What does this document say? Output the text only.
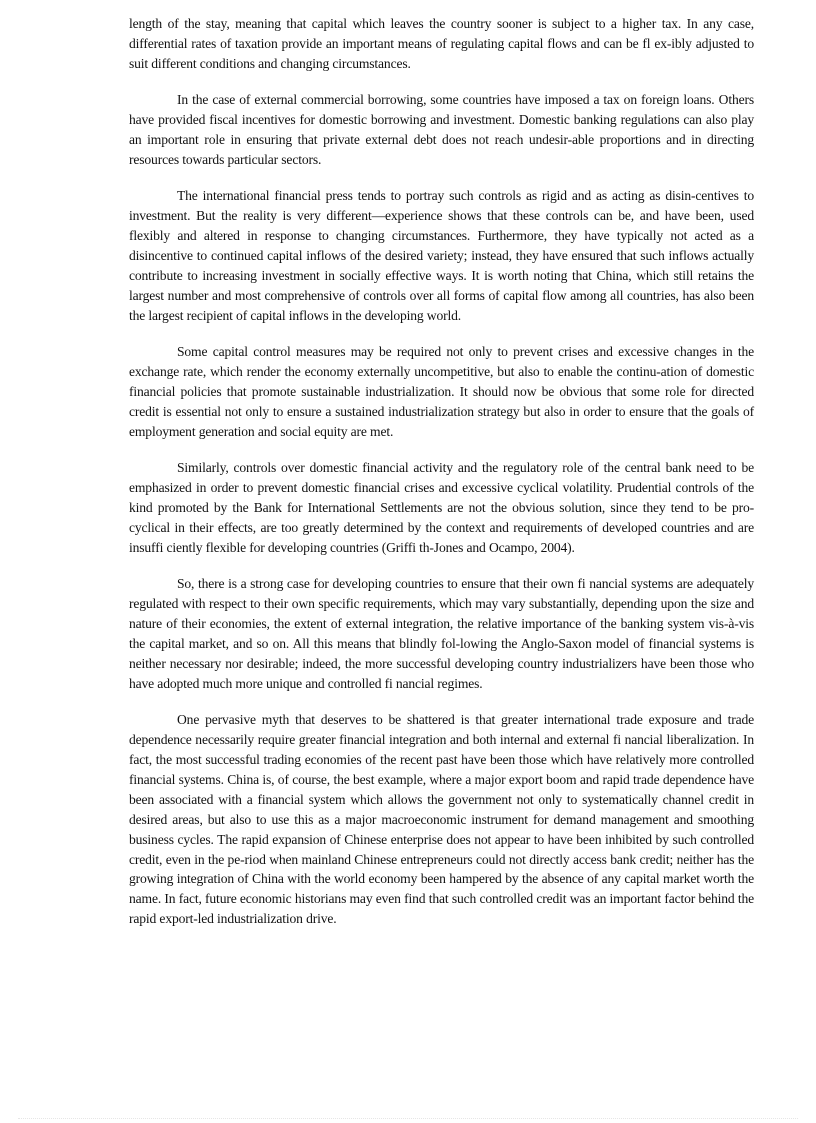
length of the stay, meaning that capital which leaves the country sooner is subject to a higher tax. In any case, differential rates of taxation provide an important means of regulating capital flows and can be fl ex-ibly adjusted to suit different conditions and changing circumstances.

In the case of external commercial borrowing, some countries have imposed a tax on foreign loans. Others have provided fiscal incentives for domestic borrowing and investment. Domestic banking regulations can also play an important role in ensuring that private external debt does not reach undesir-able proportions and in directing resources towards particular sectors.

The international financial press tends to portray such controls as rigid and as acting as disin-centives to investment. But the reality is very different—experience shows that these controls can be, and have been, used flexibly and altered in response to changing circumstances. Furthermore, they have typically not acted as a disincentive to continued capital inflows of the desired variety; instead, they have ensured that such inflows actually contribute to increasing investment in socially effective ways. It is worth noting that China, which still retains the largest number and most comprehensive of controls over all forms of capital flow among all countries, has also been the largest recipient of capital inflows in the developing world.

Some capital control measures may be required not only to prevent crises and excessive changes in the exchange rate, which render the economy externally uncompetitive, but also to enable the continu-ation of domestic financial policies that promote sustainable industrialization. It should now be obvious that some role for directed credit is essential not only to ensure a sustained industrialization strategy but also in order to ensure that the goals of employment generation and social equity are met.

Similarly, controls over domestic financial activity and the regulatory role of the central bank need to be emphasized in order to prevent domestic financial crises and excessive cyclical volatility. Prudential controls of the kind promoted by the Bank for International Settlements are not the obvious solution, since they tend to be pro-cyclical in their effects, are too greatly determined by the context and requirements of developed countries and are insuffi ciently flexible for developing countries (Griffi th-Jones and Ocampo, 2004).

So, there is a strong case for developing countries to ensure that their own fi nancial systems are adequately regulated with respect to their own specific requirements, which may vary substantially, depending upon the size and nature of their economies, the extent of external integration, the relative importance of the banking system vis-à-vis the capital market, and so on. All this means that blindly fol-lowing the Anglo-Saxon model of financial systems is neither necessary nor desirable; indeed, the more successful developing country industrializers have been those who have adopted much more unique and controlled fi nancial regimes.

One pervasive myth that deserves to be shattered is that greater international trade exposure and trade dependence necessarily require greater financial integration and both internal and external fi nancial liberalization. In fact, the most successful trading economies of the recent past have been those which have relatively more controlled financial systems. China is, of course, the best example, where a major export boom and rapid trade dependence have been associated with a financial system which allows the government not only to systematically channel credit in desired areas, but also to use this as a major macroeconomic instrument for demand management and smoothing business cycles. The rapid expansion of Chinese enterprise does not appear to have been inhibited by such controlled credit, even in the pe-riod when mainland Chinese entrepreneurs could not directly access bank credit; neither has the growing integration of China with the world economy been hampered by the absence of any capital market worth the name. In fact, future economic historians may even find that such controlled credit was an important factor behind the rapid export-led industrialization drive.
